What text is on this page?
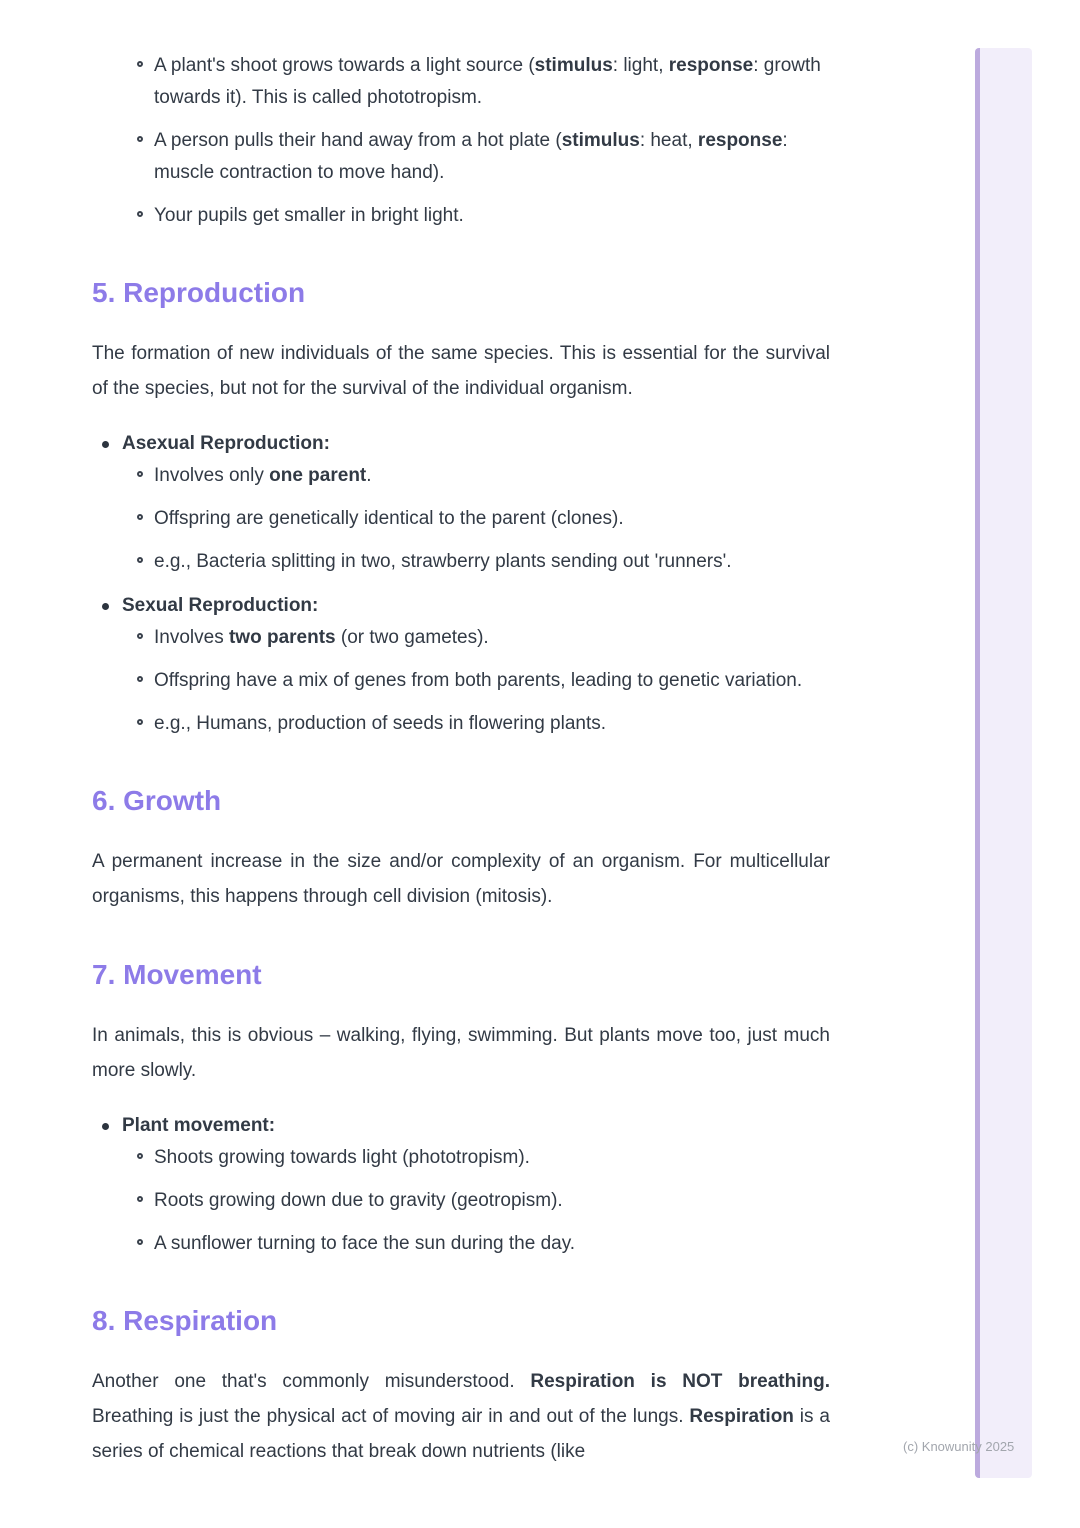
A plant's shoot grows towards a light source (stimulus: light, response: growth towards it). This is called phototropism.
A person pulls their hand away from a hot plate (stimulus: heat, response: muscle contraction to move hand).
Your pupils get smaller in bright light.
5. Reproduction

The formation of new individuals of the same species. This is essential for the survival of the species, but not for the survival of the individual organism.

Asexual Reproduction:
Involves only one parent.
Offspring are genetically identical to the parent (clones).
e.g., Bacteria splitting in two, strawberry plants sending out 'runners'.
Sexual Reproduction:
Involves two parents (or two gametes).
Offspring have a mix of genes from both parents, leading to genetic variation.
e.g., Humans, production of seeds in flowering plants.
6. Growth

A permanent increase in the size and/or complexity of an organism. For multicellular organisms, this happens through cell division (mitosis).

7. Movement

In animals, this is obvious – walking, flying, swimming. But plants move too, just much more slowly.

Plant movement:
Shoots growing towards light (phototropism).
Roots growing down due to gravity (geotropism).
A sunflower turning to face the sun during the day.
8. Respiration

Another one that's commonly misunderstood. Respiration is NOT breathing. Breathing is just the physical act of moving air in and out of the lungs. Respiration is a series of chemical reactions that break down nutrients (like	(c) Knowunity 2025
